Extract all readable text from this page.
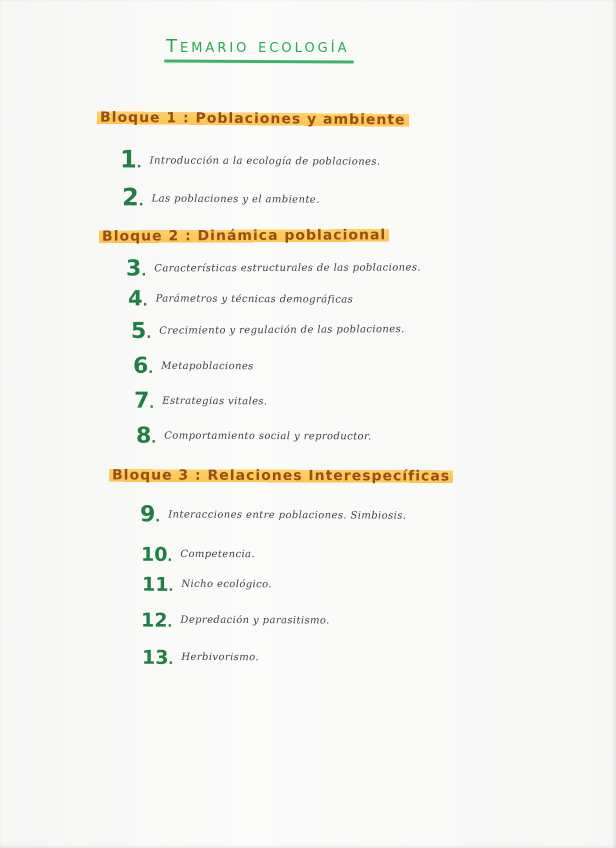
Temario ecología
Bloque 1 : Poblaciones y ambiente
1. $^{Introducción a la ecología de poblaciones.}$
2. $^{Las poblaciones y el ambiente.}$
Bloque 2 : Dinámica poblacional
3. $^{Características estructurales de las poblaciones.}$
4. $^{Parámetros y técnicas demográficas}$
5. $^{Crecimiento y regulación de las poblaciones.}$
6. $^{Metapoblaciones}$
7. $^{Estrategias vitales.}$
8. $^{Comportamiento social y reproductor.}$
Bloque 3 : Relaciones Interespecíficas
9. $^{Interacciones entre poblaciones. Simbiosis.}$
10. $^{Competencia.}$
11. $^{Nicho ecológico.}$
12. $^{Depredación y parasitismo.}$
13. $^{Herbivorismo.}$
